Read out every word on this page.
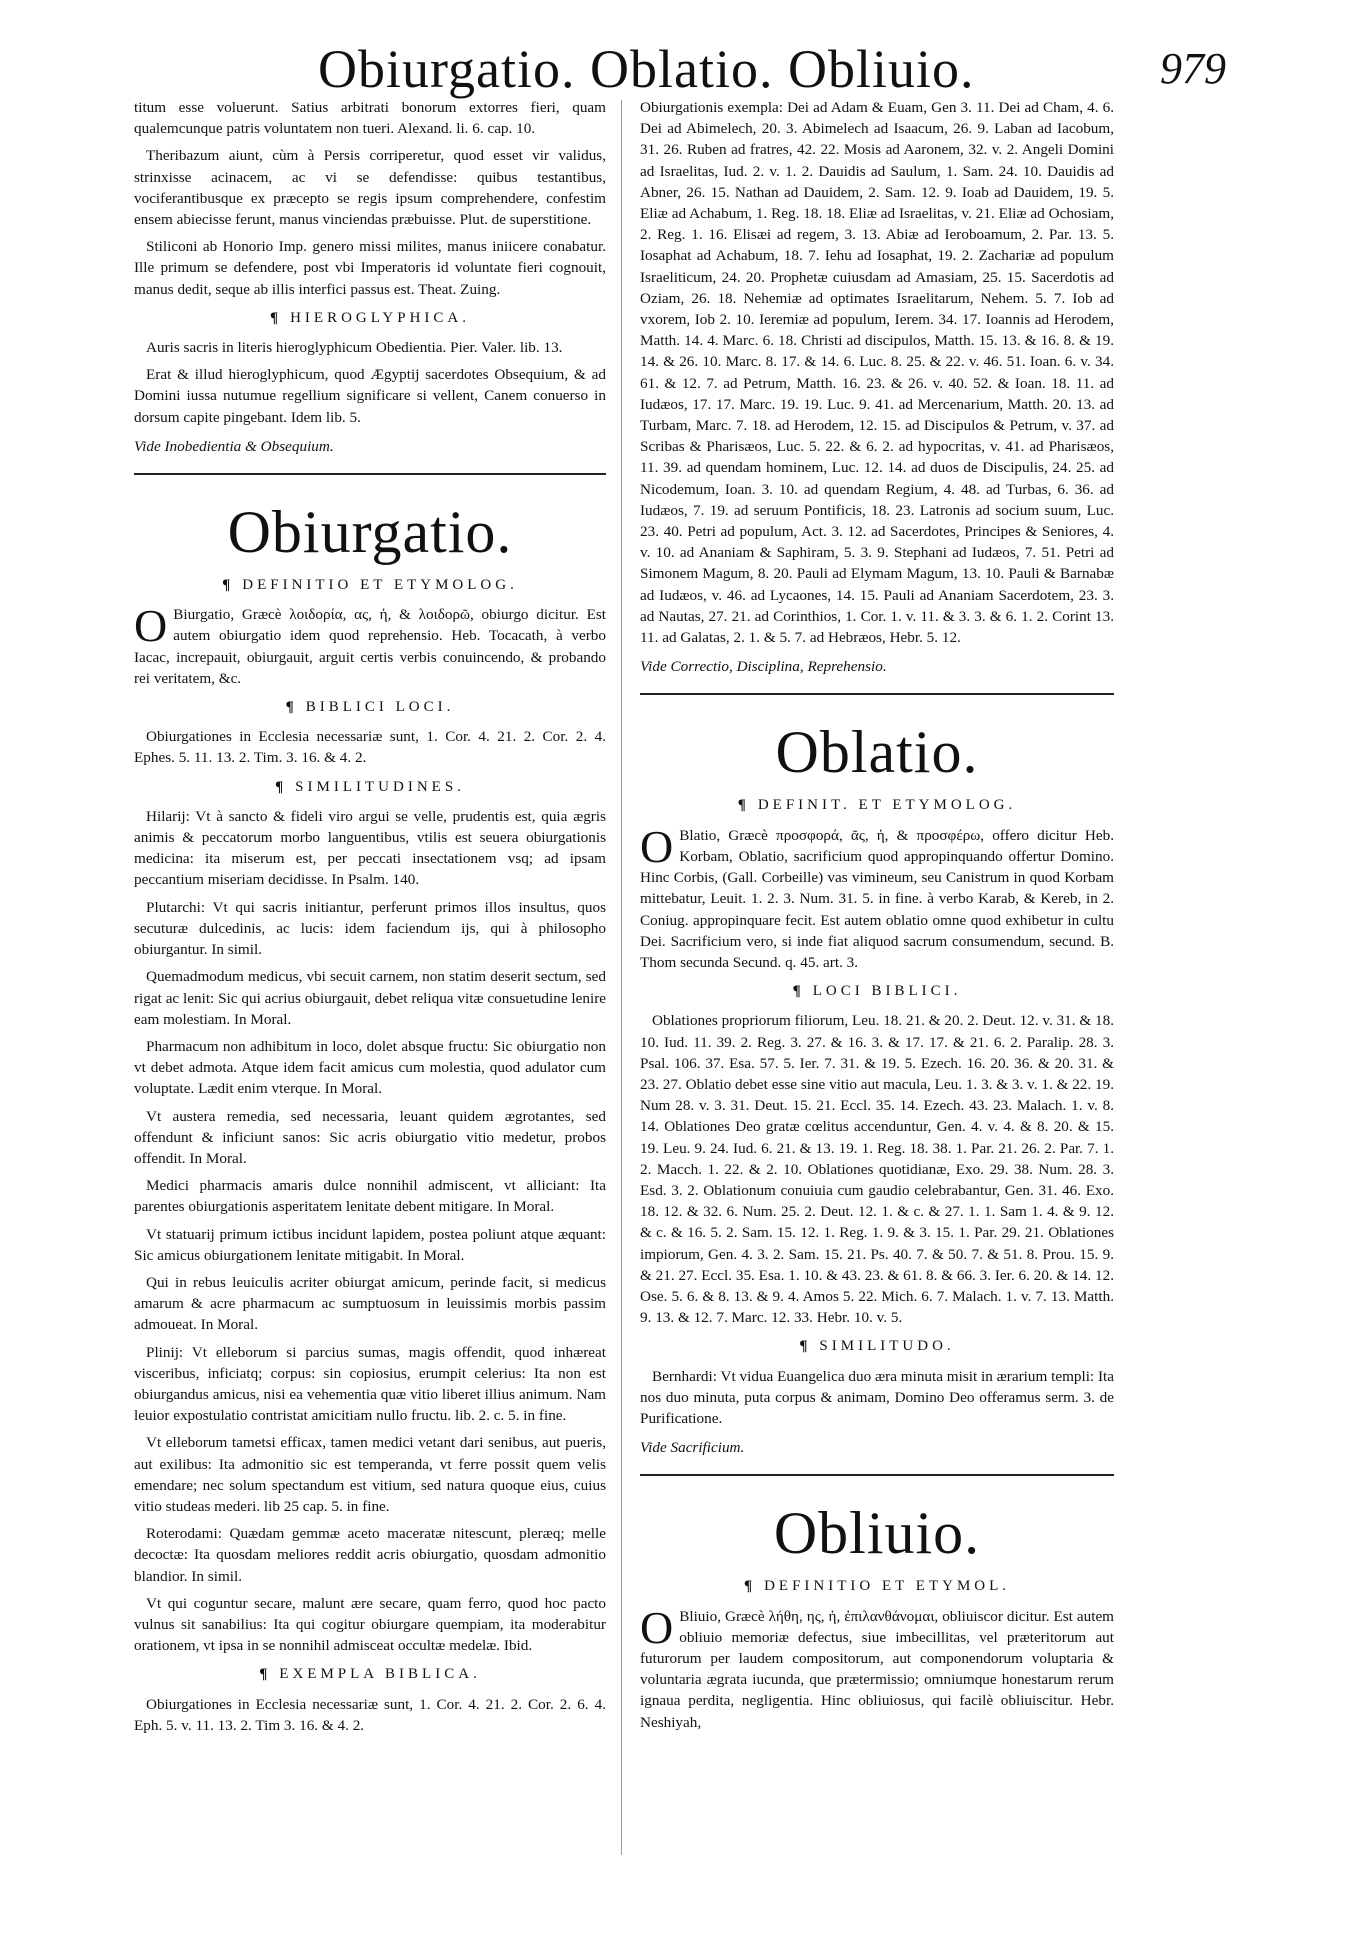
Obiurgatio. Oblatio. Obliuio.	979

titum esse voluerunt. Satius arbitrati bonorum extorres fieri, quam qualemcunque patris voluntatem non tueri. Alexand. li. 6. cap. 10.

Theribazum aiunt, cùm à Persis corriperetur, quod esset vir validus, strinxisse acinacem, ac vi se defendisse: quibus testantibus, vociferantibusque ex præcepto se regis ipsum comprehendere, confestim ensem abiecisse ferunt, manus vinciendas præbuisse. Plut. de superstitione.

Stiliconi ab Honorio Imp. genero missi milites, manus iniicere conabatur. Ille primum se defendere, post vbi Imperatoris id voluntate fieri cognouit, manus dedit, seque ab illis interfici passus est. Theat. Zuing.

¶ HIEROGLYPHICA.

Auris sacris in literis hieroglyphicum Obedientia. Pier. Valer. lib. 13.

Erat & illud hieroglyphicum, quod Ægyptij sacerdotes Obsequium, & ad Domini iussa nutumue regellium significare si vellent, Canem conuerso in dorsum capite pingebant. Idem lib. 5.

Vide Inobedientia & Obsequium.

Obiurgatio.
¶ DEFINITIO ET ETYMOLOG.

O Biurgatio, Græcè λοιδορία, ας, ἡ, & λοιδορῶ, obiurgo dicitur. Est autem obiurgatio idem quod reprehensio. Heb. Tocacath, à verbo Iacac, increpauit, obiurgauit, arguit certis verbis conuincendo, & probando rei veritatem, &c.

¶ BIBLICI LOCI.

Obiurgationes in Ecclesia necessariæ sunt, 1. Cor. 4. 21. 2. Cor. 2. 4. Ephes. 5. 11. 13. 2. Tim. 3. 16. & 4. 2.

¶ SIMILITUDINES.

Hilarij: Vt à sancto & fideli viro argui se velle, prudentis est, quia ægris animis & peccatorum morbo languentibus, vtilis est seuera obiurgationis medicina: ita miserum est, per peccati insectationem vsq; ad ipsam peccantium miseriam decidisse. In Psalm. 140.

Plutarchi: Vt qui sacris initiantur, perferunt primos illos insultus, quos secuturæ dulcedinis, ac lucis: idem faciendum ijs, qui à philosopho obiurgantur. In simil.

Quemadmodum medicus, vbi secuit carnem, non statim deserit sectum, sed rigat ac lenit: Sic qui acrius obiurgauit, debet reliqua vitæ consuetudine lenire eam molestiam. In Moral.

Pharmacum non adhibitum in loco, dolet absque fructu: Sic obiurgatio non vt debet admota. Atque idem facit amicus cum molestia, quod adulator cum voluptate. Lædit enim vterque. In Moral.

Vt austera remedia, sed necessaria, leuant quidem ægrotantes, sed offendunt & inficiunt sanos: Sic acris obiurgatio vitio medetur, probos offendit. In Moral.

Medici pharmacis amaris dulce nonnihil admiscent, vt alliciant: Ita parentes obiurgationis asperitatem lenitate debent mitigare. In Moral.

Vt statuarij primum ictibus incidunt lapidem, postea poliunt atque æquant: Sic amicus obiurgationem lenitate mitigabit. In Moral.

Qui in rebus leuiculis acriter obiurgat amicum, perinde facit, si medicus amarum & acre pharmacum ac sumptuosum in leuissimis morbis passim admoueat. In Moral.

Plinij: Vt elleborum si parcius sumas, magis offendit, quod inhæreat visceribus, inficiatq; corpus: sin copiosius, erumpit celerius: Ita non est obiurgandus amicus, nisi ea vehementia quæ vitio liberet illius animum. Nam leuior expostulatio contristat amicitiam nullo fructu. lib. 2. c. 5. in fine.

Vt elleborum tametsi efficax, tamen medici vetant dari senibus, aut pueris, aut exilibus: Ita admonitio sic est temperanda, vt ferre possit quem velis emendare; nec solum spectandum est vitium, sed natura quoque eius, cuius vitio studeas mederi. lib 25 cap. 5. in fine.

Roterodami: Quædam gemmæ aceto maceratæ nitescunt, pleræq; melle decoctæ: Ita quosdam meliores reddit acris obiurgatio, quosdam admonitio blandior. In simil.

Vt qui coguntur secare, malunt ære secare, quam ferro, quod hoc pacto vulnus sit sanabilius: Ita qui cogitur obiurgare quempiam, ita moderabitur orationem, vt ipsa in se nonnihil admisceat occultæ medelæ. Ibid.

¶ EXEMPLA BIBLICA.

Obiurgationes in Ecclesia necessariæ sunt, 1. Cor. 4. 21. 2. Cor. 2. 6. 4. Eph. 5. v. 11. 13. 2. Tim 3. 16. & 4. 2.

Obiurgationis exempla: Dei ad Adam & Euam, Gen 3. 11. Dei ad Cham, 4. 6. Dei ad Abimelech, 20. 3. Abimelech ad Isaacum, 26. 9. Laban ad Iacobum, 31. 26. Ruben ad fratres, 42. 22. Mosis ad Aaronem, 32. v. 2. Angeli Domini ad Israelitas, Iud. 2. v. 1. 2. Dauidis ad Saulum, 1. Sam. 24. 10. Dauidis ad Abner, 26. 15. Nathan ad Dauidem, 2. Sam. 12. 9. Ioab ad Dauidem, 19. 5. Eliæ ad Achabum, 1. Reg. 18. 18. Eliæ ad Israelitas, v. 21. Eliæ ad Ochosiam, 2. Reg. 1. 16. Elisæi ad regem, 3. 13. Abiæ ad Ieroboamum, 2. Par. 13. 5. Iosaphat ad Achabum, 18. 7. Iehu ad Iosaphat, 19. 2. Zachariæ ad populum Israeliticum, 24. 20. Prophetæ cuiusdam ad Amasiam, 25. 15. Sacerdotis ad Oziam, 26. 18. Nehemiæ ad optimates Israelitarum, Nehem. 5. 7. Iob ad vxorem, Iob 2. 10. Ieremiæ ad populum, Ierem. 34. 17. Ioannis ad Herodem, Matth. 14. 4. Marc. 6. 18. Christi ad discipulos, Matth. 15. 13. & 16. 8. & 19. 14. & 26. 10. Marc. 8. 17. & 14. 6. Luc. 8. 25. & 22. v. 46. 51. Ioan. 6. v. 34. 61. & 12. 7. ad Petrum, Matth. 16. 23. & 26. v. 40. 52. & Ioan. 18. 11. ad Iudæos, 17. 17. Marc. 19. 19. Luc. 9. 41. ad Mercenarium, Matth. 20. 13. ad Turbam, Marc. 7. 18. ad Herodem, 12. 15. ad Discipulos & Petrum, v. 37. ad Scribas & Pharisæos, Luc. 5. 22. & 6. 2. ad hypocritas, v. 41. ad Pharisæos, 11. 39. ad quendam hominem, Luc. 12. 14. ad duos de Discipulis, 24. 25. ad Nicodemum, Ioan. 3. 10. ad quendam Regium, 4. 48. ad Turbas, 6. 36. ad Iudæos, 7. 19. ad seruum Pontificis, 18. 23. Latronis ad socium suum, Luc. 23. 40. Petri ad populum, Act. 3. 12. ad Sacerdotes, Principes & Seniores, 4. v. 10. ad Ananiam & Saphiram, 5. 3. 9. Stephani ad Iudæos, 7. 51. Petri ad Simonem Magum, 8. 20. Pauli ad Elymam Magum, 13. 10. Pauli & Barnabæ ad Iudæos, v. 46. ad Lycaones, 14. 15. Pauli ad Ananiam Sacerdotem, 23. 3. ad Nautas, 27. 21. ad Corinthios, 1. Cor. 1. v. 11. & 3. 3. & 6. 1. 2. Corint 13. 11. ad Galatas, 2. 1. & 5. 7. ad Hebræos, Hebr. 5. 12.

Vide Correctio, Disciplina, Reprehensio.

Oblatio.
¶ DEFINIT. ET ETYMOLOG.

O Blatio, Græcè προσφορά, ᾶς, ἡ, & προσφέρω, offero dicitur Heb. Korbam, Oblatio, sacrificium quod appropinquando offertur Domino. Hinc Corbis, (Gall. Corbeille) vas vimineum, seu Canistrum in quod Korbam mittebatur, Leuit. 1. 2. 3. Num. 31. 5. in fine. à verbo Karab, & Kereb, in 2. Coniug. appropinquare fecit. Est autem oblatio omne quod exhibetur in cultu Dei. Sacrificium vero, si inde fiat aliquod sacrum consumendum, secund. B. Thom secunda Secund. q. 45. art. 3.

¶ LOCI BIBLICI.

Oblationes propriorum filiorum, Leu. 18. 21. & 20. 2. Deut. 12. v. 31. & 18. 10. Iud. 11. 39. 2. Reg. 3. 27. & 16. 3. & 17. 17. & 21. 6. 2. Paralip. 28. 3. Psal. 106. 37. Esa. 57. 5. Ier. 7. 31. & 19. 5. Ezech. 16. 20. 36. & 20. 31. & 23. 27. Oblatio debet esse sine vitio aut macula, Leu. 1. 3. & 3. v. 1. & 22. 19. Num 28. v. 3. 31. Deut. 15. 21. Eccl. 35. 14. Ezech. 43. 23. Malach. 1. v. 8. 14. Oblationes Deo gratæ cœlitus accenduntur, Gen. 4. v. 4. & 8. 20. & 15. 19. Leu. 9. 24. Iud. 6. 21. & 13. 19. 1. Reg. 18. 38. 1. Par. 21. 26. 2. Par. 7. 1. 2. Macch. 1. 22. & 2. 10. Oblationes quotidianæ, Exo. 29. 38. Num. 28. 3. Esd. 3. 2. Oblationum conuiuia cum gaudio celebrabantur, Gen. 31. 46. Exo. 18. 12. & 32. 6. Num. 25. 2. Deut. 12. 1. & c. & 27. 1. 1. Sam 1. 4. & 9. 12. & c. & 16. 5. 2. Sam. 15. 12. 1. Reg. 1. 9. & 3. 15. 1. Par. 29. 21. Oblationes impiorum, Gen. 4. 3. 2. Sam. 15. 21. Ps. 40. 7. & 50. 7. & 51. 8. Prou. 15. 9. & 21. 27. Eccl. 35. Esa. 1. 10. & 43. 23. & 61. 8. & 66. 3. Ier. 6. 20. & 14. 12. Ose. 5. 6. & 8. 13. & 9. 4. Amos 5. 22. Mich. 6. 7. Malach. 1. v. 7. 13. Matth. 9. 13. & 12. 7. Marc. 12. 33. Hebr. 10. v. 5.

¶ SIMILITUDO.

Bernhardi: Vt vidua Euangelica duo æra minuta misit in ærarium templi: Ita nos duo minuta, puta corpus & animam, Domino Deo offeramus serm. 3. de Purificatione.

Vide Sacrificium.

Obliuio.
¶ DEFINITIO ET ETYMOL.

O Bliuio, Græcè λήθη, ης, ἡ, ἐπιλανθάνομαι, obliuiscor dicitur. Est autem obliuio memoriæ defectus, siue imbecillitas, vel præteritorum aut futurorum per laudem compositorum, aut componendorum voluptaria & voluntaria ægrata iucunda, que prætermissio; omniumque honestarum rerum ignaua perdita, negligentia. Hinc obliuiosus, qui facilè obliuiscitur. Hebr. Neshiyah,
